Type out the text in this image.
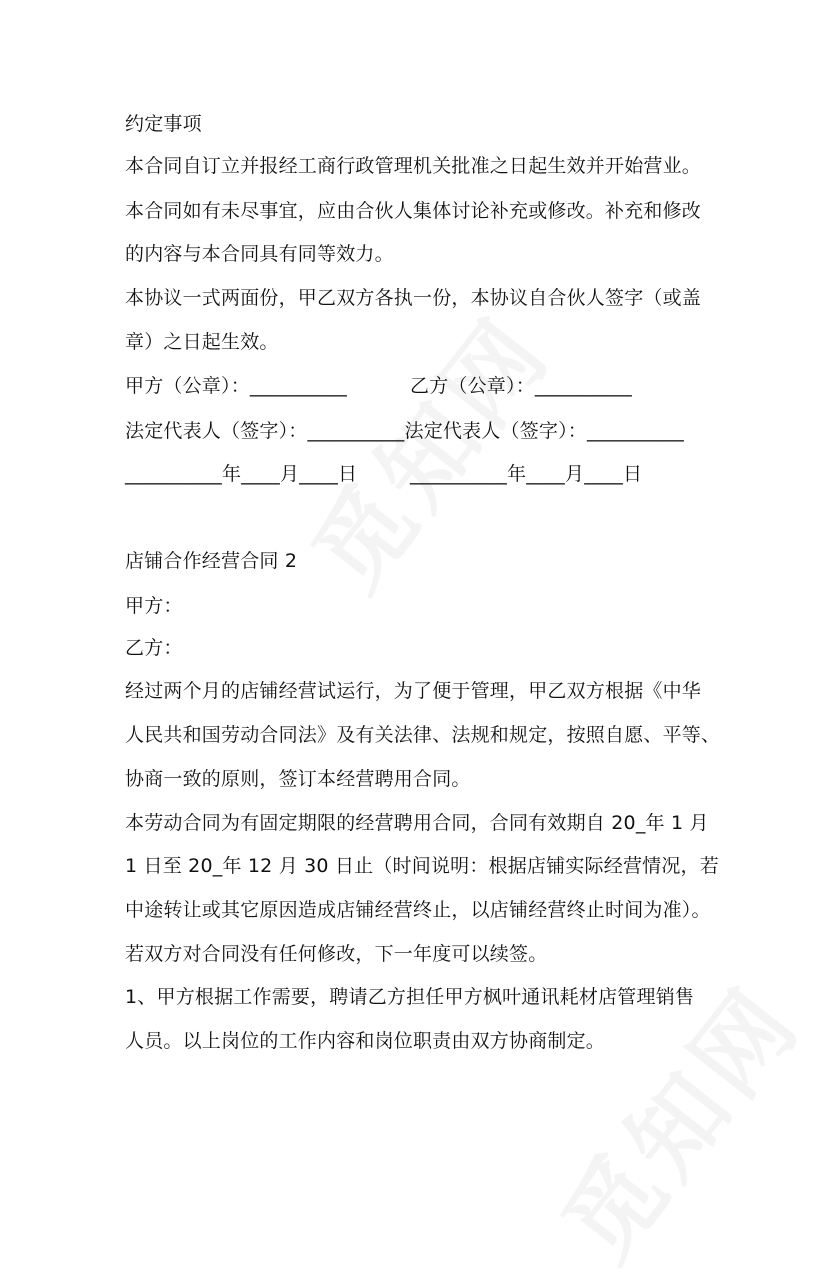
约定事项
本合同自订立并报经工商行政管理机关批准之日起生效并开始营业。
本合同如有未尽事宜，应由合伙人集体讨论补充或修改。补充和修改
的内容与本合同具有同等效力。
本协议一式两面份，甲乙双方各执一份，本协议自合伙人签字（或盖
章）之日起生效。
甲方（公章）：__________	乙方（公章）：__________
法定代表人（签字）：__________法定代表人（签字）：__________
__________年____月____日	__________年____月____日
店铺合作经营合同 2
甲方：
乙方：
经过两个月的店铺经营试运行，为了便于管理，甲乙双方根据《中华
人民共和国劳动合同法》及有关法律、法规和规定，按照自愿、平等、
协商一致的原则，签订本经营聘用合同。
本劳动合同为有固定期限的经营聘用合同，合同有效期自 20_年 1 月
1 日至 20_年 12 月 30 日止（时间说明：根据店铺实际经营情况，若
中途转让或其它原因造成店铺经营终止，以店铺经营终止时间为准）。
若双方对合同没有任何修改，下一年度可以续签。
1、甲方根据工作需要，聘请乙方担任甲方枫叶通讯耗材店管理销售
人员。以上岗位的工作内容和岗位职责由双方协商制定。
